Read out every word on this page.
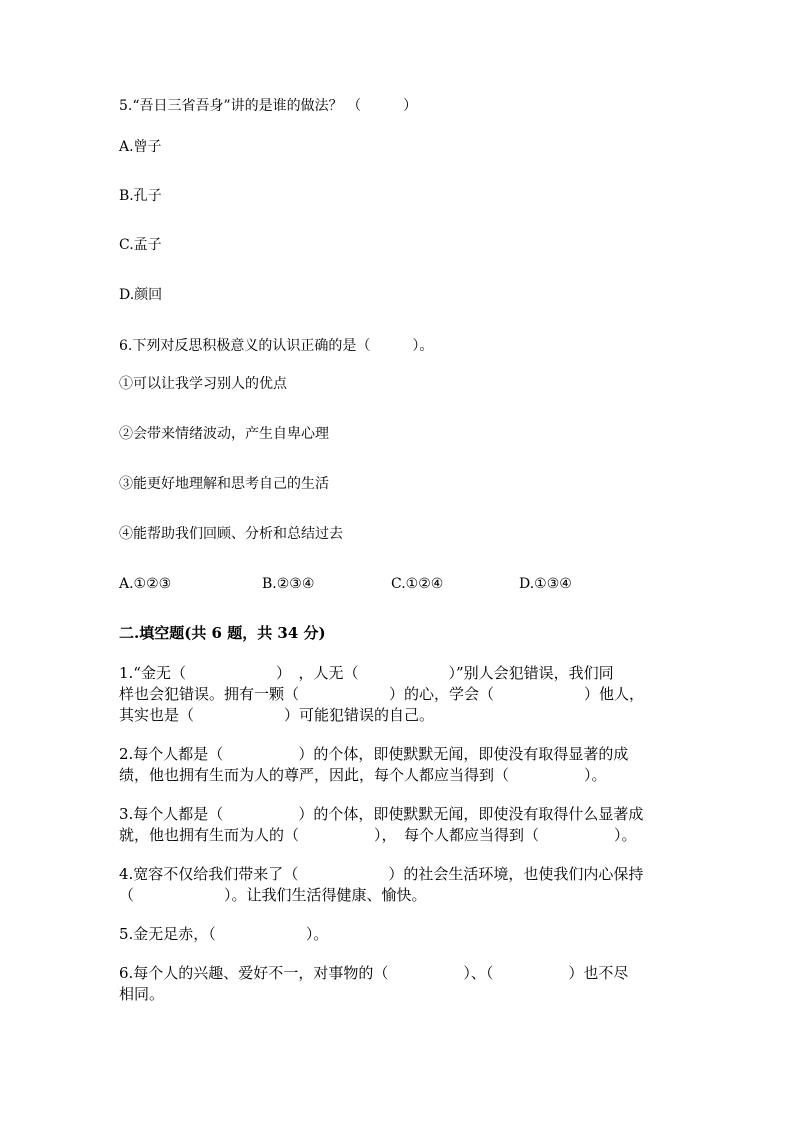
5.“吾日三省吾身”讲的是谁的做法？ （　　　）
A.曾子
B.孔子
C.孟子
D.颜回
6.下列对反思积极意义的认识正确的是（　　　）。
①可以让我学习别人的优点
②会带来情绪波动，产生自卑心理
③能更好地理解和思考自己的生活
④能帮助我们回顾、分析和总结过去
A.①②③	B.②③④	C.①②④	D.①③④
二.填空题(共 6 题，共 34 分)
1.“金无（　　　　　　）　，人无（　　　　　　）”别人会犯错误，我们同
样也会犯错误。拥有一颗（　　　　　　）的心，学会（　　　　　　）他人，
其实也是（　　　　　　）可能犯错误的自己。
2.每个人都是（　　　　　）的个体，即使默默无闻，即使没有取得显著的成
绩，他也拥有生而为人的尊严，因此，每个人都应当得到（　　　　　）。
3.每个人都是（　　　　　）的个体，即使默默无闻，即使没有取得什么显著成
就，他也拥有生而为人的（　　　　　），　每个人都应当得到（　　　　　）。
4.宽容不仅给我们带来了（　　　　　　）的社会生活环境，也使我们内心保持
（　　　　　　）。让我们生活得健康、愉快。
5.金无足赤，（　　　　　　）。
6.每个人的兴趣、爱好不一，对事物的（　　　　　）、（　　　　　）也不尽
相同。
